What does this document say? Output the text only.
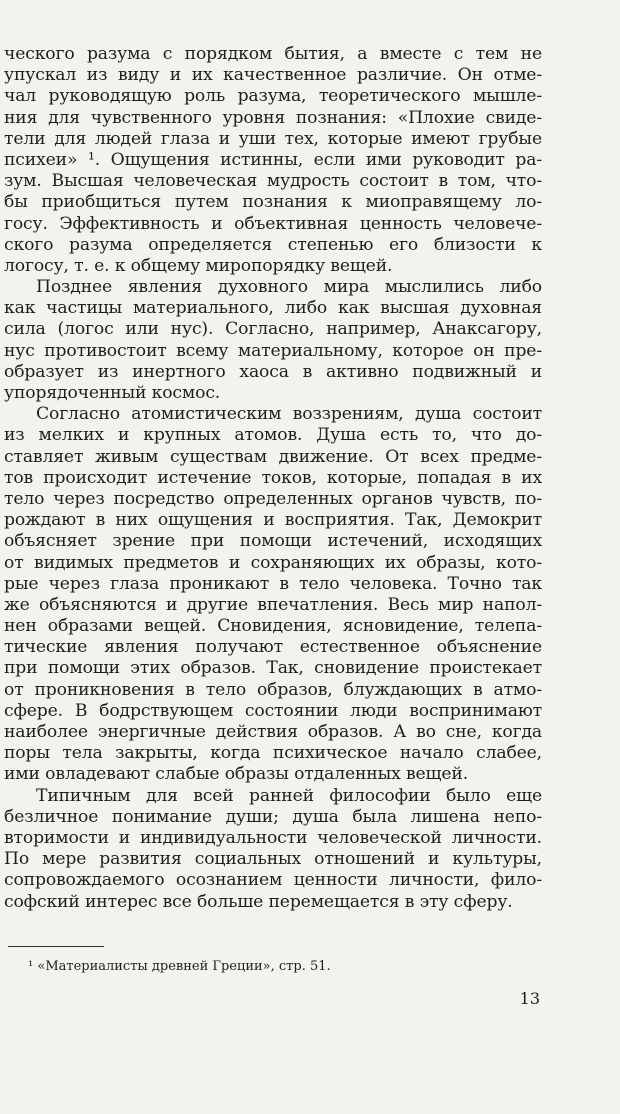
ческого разума с порядком бытия, а вместе с тем не
упускал из виду и их качественное различие. Он отме-
чал руководящую роль разума, теоретического мышле-
ния для чувственного уровня познания: «Плохие свиде-
тели для людей глаза и уши тех, которые имеют грубые
психеи» ¹. Ощущения истинны, если ими руководит ра-
зум. Высшая человеческая мудрость состоит в том, что-
бы приобщиться путем познания к миоправящему ло-
госу. Эффективность и объективная ценность человече-
ского разума определяется степенью его близости к
логосу, т. е. к общему миропорядку вещей.
Позднее явления духовного мира мыслились либо
как частицы материального, либо как высшая духовная
сила (логос или нус). Согласно, например, Анаксагору,
нус противостоит всему материальному, которое он пре-
образует из инертного хаоса в активно подвижный и
упорядоченный космос.
Согласно атомистическим воззрениям, душа состоит
из мелких и крупных атомов. Душа есть то, что до-
ставляет живым существам движение. От всех предме-
тов происходит истечение токов, которые, попадая в их
тело через посредство определенных органов чувств, по-
рождают в них ощущения и восприятия. Так, Демокрит
объясняет зрение при помощи истечений, исходящих
от видимых предметов и сохраняющих их образы, кото-
рые через глаза проникают в тело человека. Точно так
же объясняются и другие впечатления. Весь мир напол-
нен образами вещей. Сновидения, ясновидение, телепа-
тические явления получают естественное объяснение
при помощи этих образов. Так, сновидение проистекает
от проникновения в тело образов, блуждающих в атмо-
сфере. В бодрствующем состоянии люди воспринимают
наиболее энергичные действия образов. А во сне, когда
поры тела закрыты, когда психическое начало слабее,
ими овладевают слабые образы отдаленных вещей.
Типичным для всей ранней философии было еще
безличное понимание души; душа была лишена непо-
вторимости и индивидуальности человеческой личности.
По мере развития социальных отношений и культуры,
сопровождаемого осознанием ценности личности, фило-
софский интерес все больше перемещается в эту сферу.
¹ «Материалисты древней Греции», стр. 51.
13
